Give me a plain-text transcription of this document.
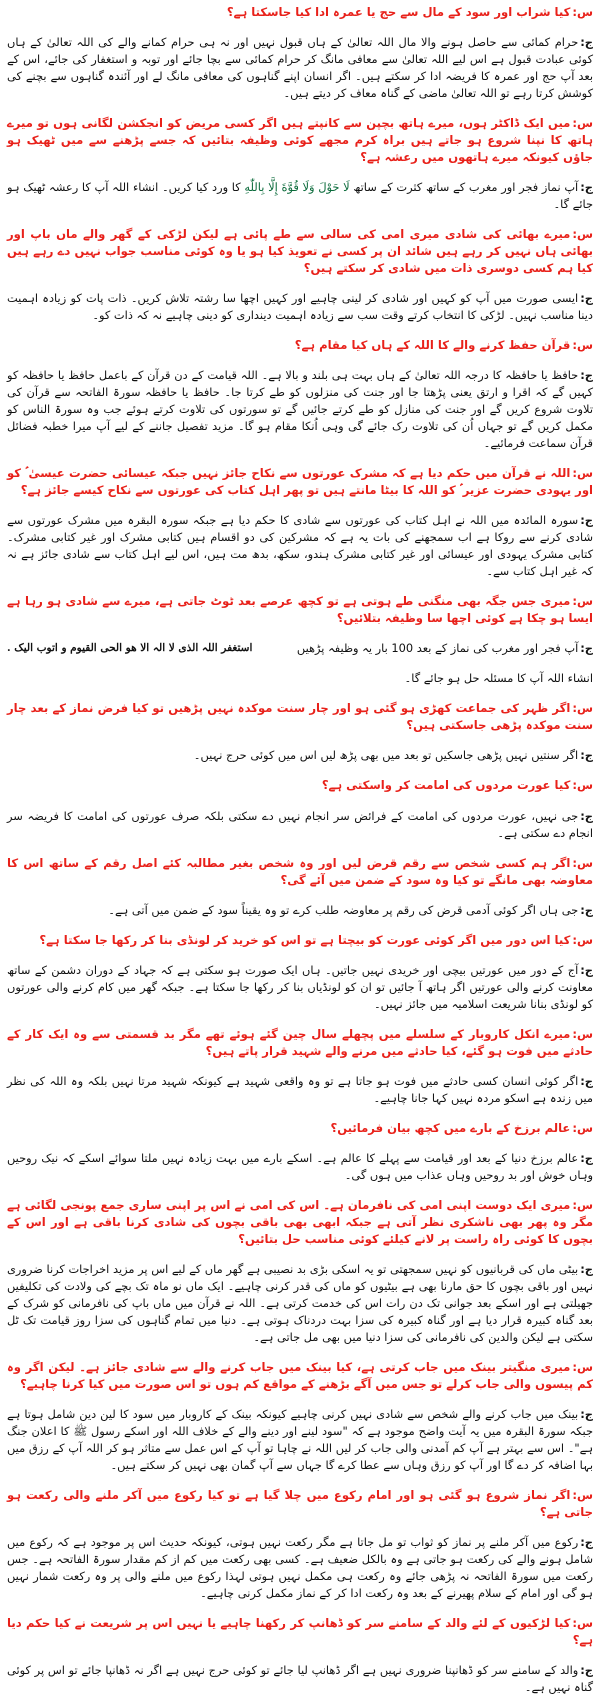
س:کیا شراب اور سود کے مال سے حج یا عمرہ ادا کیا جاسکتا ہے؟

ج:حرام کمائی سے حاصل ہونے والا مال اللہ تعالیٰ کے ہاں قبول نہیں اور نہ ہی حرام کمانے والے کی اللہ تعالیٰ کے ہاں کوئی عبادت قبول ہے اس لیے اللہ تعالیٰ سے معافی مانگ کر حرام کمائی سے بچا جائے اور توبہ و استغفار کی جائے، اس کے بعد آپ حج اور عمرہ کا فریضہ ادا کر سکتے ہیں۔ اگر انسان اپنے گناہوں کی معافی مانگ لے اور آئندہ گناہوں سے بچنے کی کوشش کرتا رہے تو اللہ تعالیٰ ماضی کے گناہ معاف کر دیتے ہیں۔

س:میں ایک ڈاکٹر ہوں، میرے ہاتھ بچپن سے کانپتے ہیں اگر کسی مریض کو انجکشن لگانی ہوں تو میرے ہاتھ کا نپنا شروع ہو جاتے ہیں براہ کرم مجھے کوئی وظیفہ بتائیں کہ جسے پڑھنے سے میں ٹھیک ہو جاؤں کیونکہ میرے ہاتھوں میں رعشہ ہے؟

ج:آپ نماز فجر اور مغرب کے ساتھ کثرت کے ساتھ لَا حَوْلَ وَلَا قُوَّةَ إِلَّا بِاللّٰهِ کا ورد کیا کریں۔ انشاء اللہ آپ کا رعشہ ٹھیک ہو جائے گا۔

س:میرے بھائی کی شادی میری امی کی سالی سے طے پائی ہے لیکن لڑکی کے گھر والے ماں باپ اور بھائی ہاں نہیں کر رہے ہیں شائد ان پر کسی نے تعویذ کیا ہو یا وہ کوئی مناسب جواب نہیں دے رہے ہیں کیا ہم کسی دوسری ذات میں شادی کر سکتے ہیں؟

ج:ایسی صورت میں آپ کو کہیں اور شادی کر لینی چاہیے اور کہیں اچھا سا رشتہ تلاش کریں۔ ذات پات کو زیادہ اہمیت دینا مناسب نہیں۔ لڑکی کا انتخاب کرتے وقت سب سے زیادہ اہمیت دینداری کو دینی چاہیے نہ کہ ذات کو۔

س:قرآن حفظ کرنے والے کا اللہ کے ہاں کیا مقام ہے؟

ج:حافظ یا حافظہ کا درجہ اللہ تعالیٰ کے ہاں بہت ہی بلند و بالا ہے۔ اللہ قیامت کے دن قرآن کے باعمل حافظ یا حافظہ کو کہیں گے کہ اقرا و ارتق یعنی پڑھتا جا اور جنت کی منزلوں کو طے کرتا جا۔ حافظ یا حافظہ سورۃ الفاتحہ سے قرآن کی تلاوت شروع کریں گے اور جنت کی منازل کو طے کرتے جائیں گے تو سورتوں کی تلاوت کرتے ہوئے جب وہ سورۃ الناس کو مکمل کریں گے تو جہاں اُن کی تلاوت رک جائے گی وہی اُنکا مقام ہو گا۔ مزید تفصیل جاننے کے لیے آپ میرا خطبہ فضائل قرآن سماعت فرمائیے۔

س:اللہ نے قرآن میں حکم دیا ہے کہ مشرک عورتوں سے نکاح جائز نہیں جبکہ عیسائی حضرت عیسیٰ ؑ کو اور یہودی حضرت عزیر ؑ کو اللہ کا بیٹا مانتے ہیں تو پھر اہل کتاب کی عورتوں سے نکاح کیسے جائز ہے؟

ج:سورہ المائدہ میں اللہ نے اہل کتاب کی عورتوں سے شادی کا حکم دیا ہے جبکہ سورہ البقرہ میں مشرک عورتوں سے شادی کرنے سے روکا ہے اب سمجھنے کی بات یہ ہے کہ مشرکین کی دو اقسام ہیں کتابی مشرک اور غیر کتابی مشرک۔ کتابی مشرک یہودی اور عیسائی اور غیر کتابی مشرک ہندو، سکھ، بدھ مت ہیں، اس لیے اہل کتاب سے شادی جائز ہے نہ کہ غیر اہل کتاب سے۔

س:میری جس جگہ بھی منگنی طے ہوتی ہے تو کچھ عرصے بعد ٹوٹ جاتی ہے، میرے سے شادی ہو رہا ہے ایسا ہو چکا ہے کوئی اچھا سا وظیفہ بتلائیں؟

ج:آپ فجر اور مغرب کی نماز کے بعد 100 بار یہ وظیفہ پڑھیں
استغفر اللہ الذی لا الہ الا ھو الحی القیوم و اتوب الیک .

انشاء اللہ آپ کا مسئلہ حل ہو جائے گا۔

س:اگر ظہر کی جماعت کھڑی ہو گئی ہو اور چار سنت موکدہ نہیں پڑھیں تو کیا فرض نماز کے بعد چار سنت موکدہ پڑھی جاسکتی ہیں؟

ج:اگر سنتیں نہیں پڑھی جاسکیں تو بعد میں بھی پڑھ لیں اس میں کوئی حرج نہیں۔

س:کیا عورت مردوں کی امامت کر واسکتی ہے؟

ج:جی نہیں، عورت مردوں کی امامت کے فرائض سر انجام نہیں دے سکتی بلکہ صرف عورتوں کی امامت کا فریضہ سر انجام دے سکتی ہے۔

س:اگر ہم کسی شخص سے رقم قرض لیں اور وہ شخص بغیر مطالبہ کئے اصل رقم کے ساتھ اس کا معاوضہ بھی مانگے تو کیا وہ سود کے ضمن میں آئے گی؟

ج:جی ہاں اگر کوئی آدمی قرض کی رقم پر معاوضہ طلب کرے تو وہ یقیناً سود کے ضمن میں آتی ہے۔

س:کیا اس دور میں اگر کوئی عورت کو بیچتا ہے تو اس کو خرید کر لونڈی بنا کر رکھا جا سکتا ہے؟

ج:آج کے دور میں عورتیں بیچی اور خریدی نہیں جاتیں۔ ہاں ایک صورت ہو سکتی ہے کہ جہاد کے دوران دشمن کے ساتھ معاونت کرنے والی عورتیں اگر ہاتھ آ جائیں تو ان کو لونڈیاں بنا کر رکھا جا سکتا ہے۔ جبکہ گھر میں کام کرنے والی عورتوں کو لونڈی بنانا شریعت اسلامیہ میں جائز نہیں۔

س:میرے انکل کاروبار کے سلسلے میں پچھلے سال چین گئے ہوئے تھے مگر بد قسمتی سے وہ ایک کار کے حادثے میں فوت ہو گئے، کیا حادثے میں مرنے والے شہید قرار پاتے ہیں؟

ج:اگر کوئی انسان کسی حادثے میں فوت ہو جاتا ہے تو وہ واقعی شہید ہے کیونکہ شہید مرتا نہیں بلکہ وہ اللہ کی نظر میں زندہ ہے اسکو مردہ نہیں کہا جانا چاہیے۔

س:عالم برزخ کے بارے میں کچھ بیان فرمائیں؟

ج:عالم برزخ دنیا کے بعد اور قیامت سے پہلے کا عالم ہے۔ اسکے بارے میں بہت زیادہ نہیں ملتا سوائے اسکے کہ نیک روحیں وہاں خوش اور بد روحیں وہاں عذاب میں ہوں گی۔

س:میری ایک دوست اپنی امی کی نافرمان ہے۔ اس کی امی نے اس پر اپنی ساری جمع پونجی لگائی ہے مگر وہ پھر بھی ناشکری نظر آتی ہے جبکہ ابھی بھی باقی بچوں کی شادی کرنا باقی ہے اور اس کے بچوں کا کوئی راہ راست پر لانے کیلئے کوئی مناسب حل بتائیں؟

ج:بیٹی ماں کی قربانیوں کو نہیں سمجھتی تو یہ اسکی بڑی بد نصیبی ہے گھر ماں کے لیے اس پر مزید اخراجات کرنا ضروری نہیں اور باقی بچوں کا حق مارنا بھی ہے بیٹیوں کو ماں کی قدر کرنی چاہیے۔ ایک ماں نو ماہ تک بچے کی ولادت کی تکلیفیں جھیلتی ہے اور اسکے بعد جوانی تک دن رات اس کی خدمت کرتی ہے۔ اللہ نے قرآن میں ماں باپ کی نافرمانی کو شرک کے بعد گناہ کبیرہ قرار دیا ہے اور گناہ کبیرہ کی سزا بہت دردناک ہوتی ہے۔ دنیا میں تمام گناہوں کی سزا روز قیامت تک ٹل سکتی ہے لیکن والدین کی نافرمانی کی سزا دنیا میں بھی مل جاتی ہے۔

س:میری منگیتر بینک میں جاب کرتی ہے، کیا بینک میں جاب کرنے والے سے شادی جائز ہے۔ لیکن اگر وہ کم پیسوں والی جاب کرلے تو جس میں آگے بڑھنے کے مواقع کم ہوں تو اس صورت میں کیا کرنا چاہیے؟

ج:بینک میں جاب کرنے والے شخص سے شادی نہیں کرنی چاہیے کیونکہ بینک کے کاروبار میں سود کا لین دین شامل ہوتا ہے جبکہ سورۃ البقرہ میں یہ آیت واضح موجود ہے کہ "سود لینے اور دینے والے کے خلاف اللہ اور اسکے رسول ﷺ کا اعلان جنگ ہے"۔ اس سے بہتر ہے آپ کم آمدنی والی جاب کر لیں اللہ نے چاہا تو آپ کے اس عمل سے متاثر ہو کر اللہ آپ کے رزق میں بہا اضافہ کر دے گا اور آپ کو رزق وہاں سے عطا کرے گا جہاں سے آپ گمان بھی نہیں کر سکتے ہیں۔

س:اگر نماز شروع ہو گئی ہو اور امام رکوع میں چلا گیا ہے تو کیا رکوع میں آکر ملنے والی رکعت ہو جاتی ہے؟

ج:رکوع میں آکر ملنے پر نماز کو ثواب تو مل جاتا ہے مگر رکعت نہیں ہوتی، کیونکہ حدیث اس پر موجود ہے کہ رکوع میں شامل ہونے والے کی رکعت ہو جاتی ہے وہ بالکل ضعیف ہے۔ کسی بھی رکعت میں کم از کم مقدار سورۃ الفاتحہ ہے۔ جس رکعت میں سورۃ الفاتحہ نہ پڑھی جائے وہ رکعت ہی مکمل نہیں ہوتی لہذا رکوع میں ملنے والی پر وہ رکعت شمار نہیں ہو گی اور امام کے سلام پھیرنے کے بعد وہ رکعت ادا کر کے نماز مکمل کرنی چاہیے۔

س:کیا لڑکیوں کے لئے والد کے سامنے سر کو ڈھانپ کر رکھنا چاہیے یا نہیں اس پر شریعت نے کیا حکم دیا ہے؟

ج:والد کے سامنے سر کو ڈھانپنا ضروری نہیں ہے اگر ڈھانپ لیا جائے تو کوئی حرج نہیں ہے اگر نہ ڈھانپا جائے تو اس پر کوئی گناہ نہیں ہے۔
